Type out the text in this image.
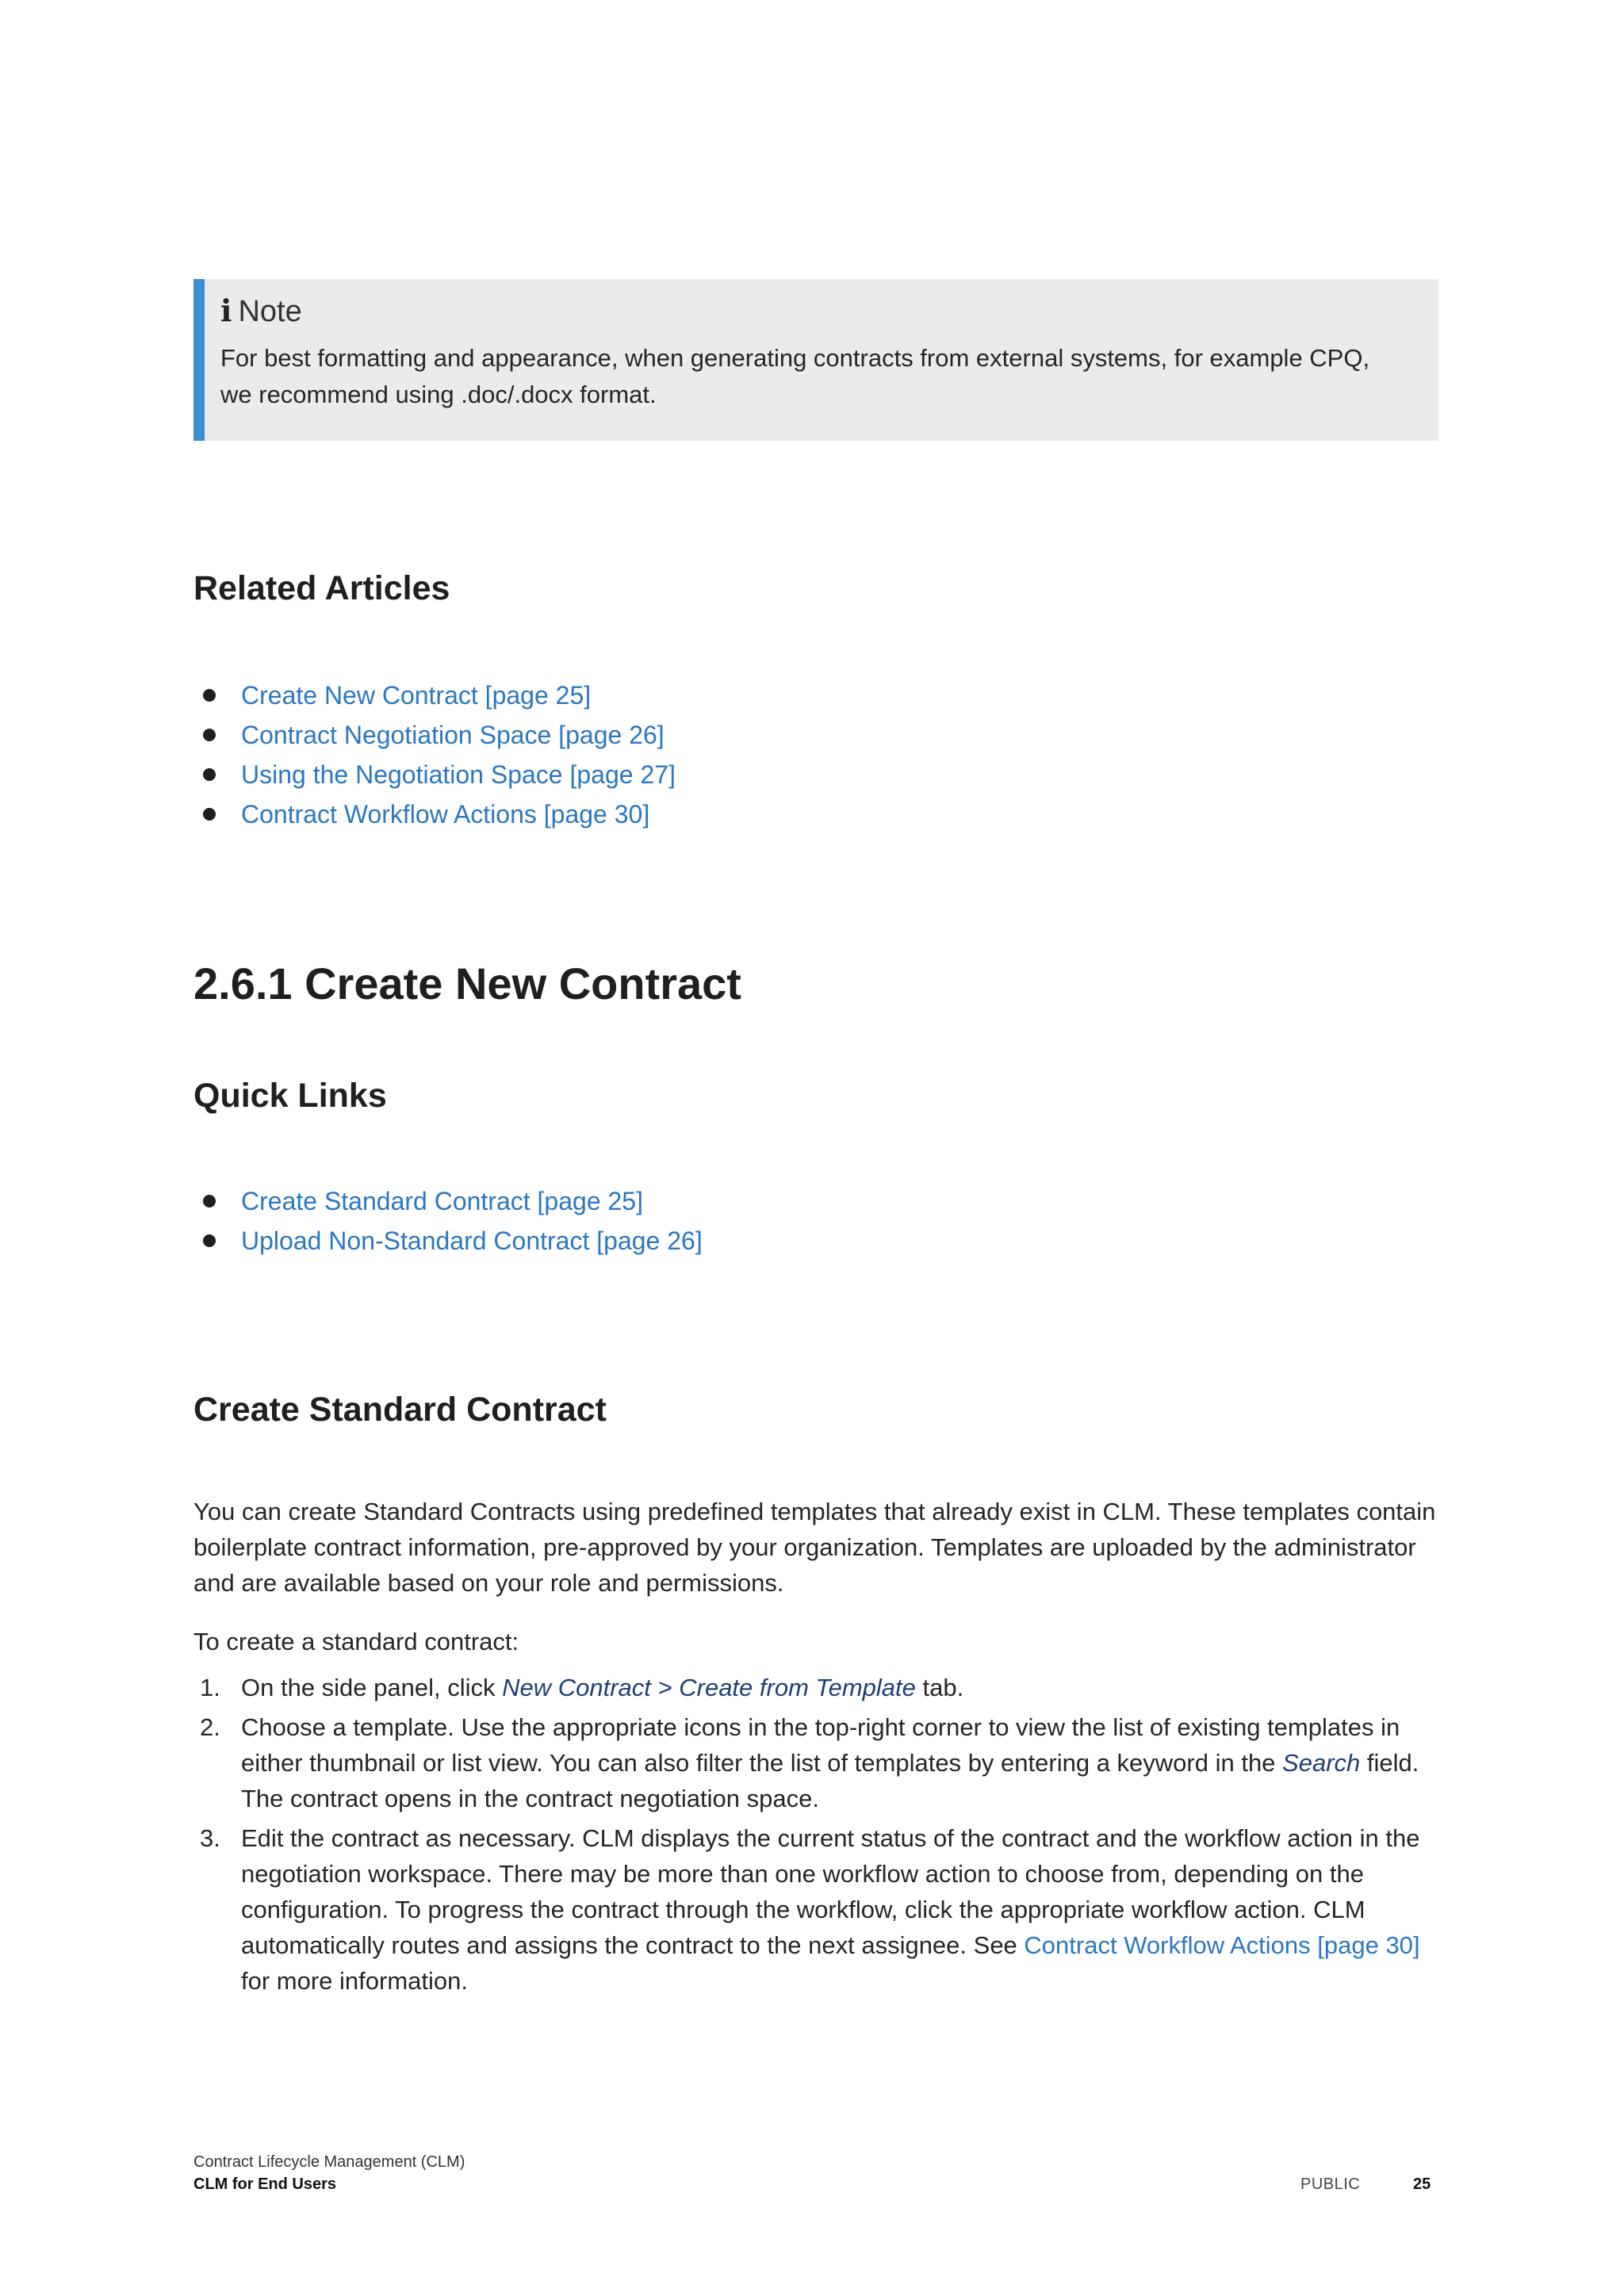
i Note
For best formatting and appearance, when generating contracts from external systems, for example CPQ, we recommend using .doc/.docx format.
Related Articles
Create New Contract [page 25]
Contract Negotiation Space [page 26]
Using the Negotiation Space [page 27]
Contract Workflow Actions [page 30]
2.6.1 Create New Contract
Quick Links
Create Standard Contract [page 25]
Upload Non-Standard Contract [page 26]
Create Standard Contract

You can create Standard Contracts using predefined templates that already exist in CLM. These templates contain boilerplate contract information, pre-approved by your organization. Templates are uploaded by the administrator and are available based on your role and permissions.

To create a standard contract:

1. On the side panel, click New Contract > Create from Template tab.
2. Choose a template. Use the appropriate icons in the top-right corner to view the list of existing templates in either thumbnail or list view. You can also filter the list of templates by entering a keyword in the Search field. The contract opens in the contract negotiation space.
3. Edit the contract as necessary. CLM displays the current status of the contract and the workflow action in the negotiation workspace. There may be more than one workflow action to choose from, depending on the configuration. To progress the contract through the workflow, click the appropriate workflow action. CLM automatically routes and assigns the contract to the next assignee. See Contract Workflow Actions [page 30] for more information.
Contract Lifecycle Management (CLM)
CLM for End Users	PUBLIC	25
